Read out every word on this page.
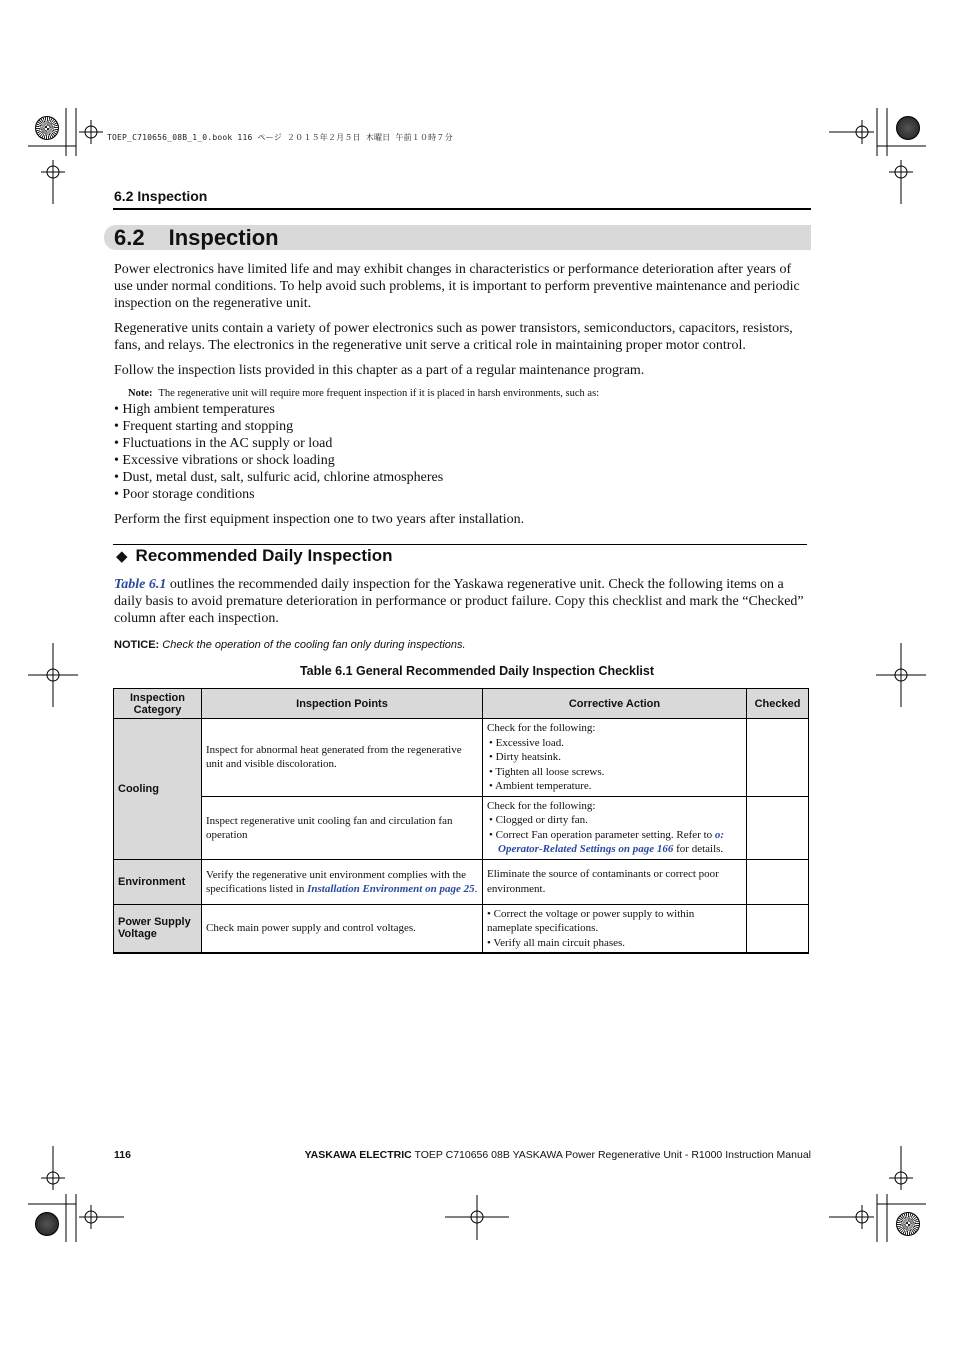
TOEP_C710656_08B_1_0.book 116 ページ ２０１５年２月５日 木曜日 午前１０時７分
6.2 Inspection
6.2 Inspection
Power electronics have limited life and may exhibit changes in characteristics or performance deterioration after years of use under normal conditions. To help avoid such problems, it is important to perform preventive maintenance and periodic inspection on the regenerative unit.
Regenerative units contain a variety of power electronics such as power transistors, semiconductors, capacitors, resistors, fans, and relays. The electronics in the regenerative unit serve a critical role in maintaining proper motor control.
Follow the inspection lists provided in this chapter as a part of a regular maintenance program.
Note: The regenerative unit will require more frequent inspection if it is placed in harsh environments, such as:
• High ambient temperatures
• Frequent starting and stopping
• Fluctuations in the AC supply or load
• Excessive vibrations or shock loading
• Dust, metal dust, salt, sulfuric acid, chlorine atmospheres
• Poor storage conditions
Perform the first equipment inspection one to two years after installation.
◆ Recommended Daily Inspection
Table 6.1 outlines the recommended daily inspection for the Yaskawa regenerative unit. Check the following items on a daily basis to avoid premature deterioration in performance or product failure. Copy this checklist and mark the “Checked” column after each inspection.
NOTICE: Check the operation of the cooling fan only during inspections.
Table 6.1 General Recommended Daily Inspection Checklist
Inspection Category	Inspection Points	Corrective Action	Checked
Cooling	Inspect for abnormal heat generated from the regenerative unit and visible discoloration.	Check for the following:
• Excessive load.
• Dirty heatsink.
• Tighten all loose screws.
• Ambient temperature.	

	Inspect regenerative unit cooling fan and circulation fan operation	Check for the following:
• Clogged or dirty fan.
• Correct Fan operation parameter setting. Refer to o:
Operator-Related Settings on page 166 for details.	

Environment	Verify the regenerative unit environment complies with the specifications listed in Installation Environment on page 25.	Eliminate the source of contaminants or correct poor environment.	
Power Supply Voltage	Check main power supply and control voltages.	• Correct the voltage or power supply to within nameplate specifications.
• Verify all main circuit phases.	

116	YASKAWA ELECTRIC TOEP C710656 08B YASKAWA Power Regenerative Unit - R1000 Instruction Manual
